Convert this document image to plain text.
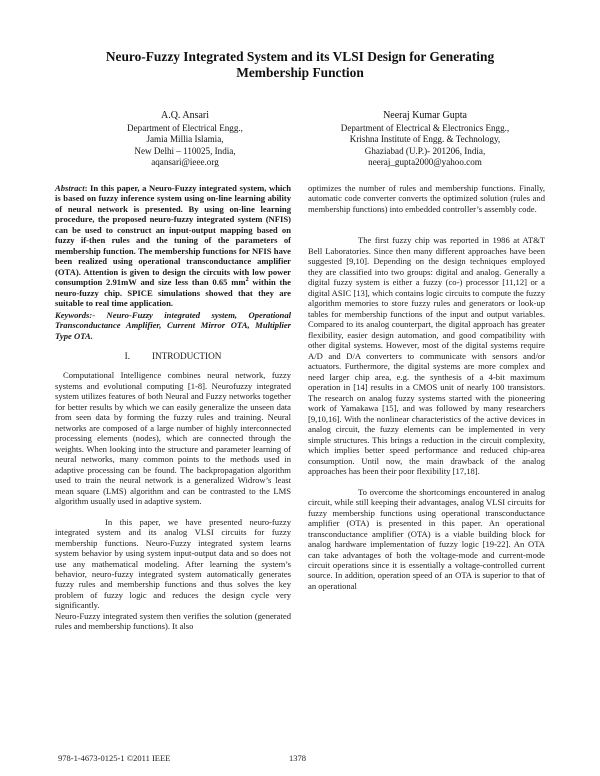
Neuro-Fuzzy Integrated System and its VLSI Design for Generating
Membership Function
A.Q. Ansari
Department of Electrical Engg.,
Jamia Millia Islamia,
New Delhi – 110025, India,
aqansari@ieee.org
Neeraj Kumar Gupta
Department of Electrical & Electronics Engg.,
Krishna Institute of Engg. & Technology,
Ghaziabad (U.P.)- 201206, India,
neeraj_gupta2000@yahoo.com

Abstract: In this paper, a Neuro-Fuzzy integrated system, which is based on fuzzy inference system using on-line learning ability of neural network is presented. By using on-line learning procedure, the proposed neuro-fuzzy integrated system (NFIS) can be used to construct an input-output mapping based on fuzzy if-then rules and the tuning of the parameters of membership function. The membership functions for NFIS have been realized using operational transconductance amplifier (OTA). Attention is given to design the circuits with low power consumption 2.91mW and size less than 0.65 $mm^2$ within the neuro-fuzzy chip. SPICE simulations showed that they are suitable to real time application.

Keywords:- Neuro-Fuzzy integrated system, Operational Transconductance Amplifier, Current Mirror OTA, Multiplier Type OTA.

I. INTRODUCTION

Computational Intelligence combines neural network, fuzzy systems and evolutional computing [1-8]. Neurofuzzy integrated system utilizes features of both Neural and Fuzzy networks together for better results by which we can easily generalize the unseen data from seen data by forming the fuzzy rules and training. Neural networks are composed of a large number of highly interconnected processing elements (nodes), which are connected through the weights. When looking into the structure and parameter learning of neural networks, many common points to the methods used in adaptive processing can be found. The backpropagation algorithm used to train the neural network is a generalized Widrow’s least mean square (LMS) algorithm and can be contrasted to the LMS algorithm usually used in adaptive system.

In this paper, we have presented neuro-fuzzy integrated system and its analog VLSI circuits for fuzzy membership functions. Neuro-Fuzzy integrated system learns system behavior by using system input-output data and so does not use any mathematical modeling. After learning the system’s behavior, neuro-fuzzy integrated system automatically generates fuzzy rules and membership functions and thus solves the key problem of fuzzy logic and reduces the design cycle very significantly.

Neuro-Fuzzy integrated system then verifies the solution (generated rules and membership functions). It also

optimizes the number of rules and membership functions. Finally, automatic code converter converts the optimized solution (rules and membership functions) into embedded controller’s assembly code.

The first fuzzy chip was reported in 1986 at AT&T Bell Laboratories. Since then many different approaches have been suggested [9,10]. Depending on the design techniques employed they are classified into two groups: digital and analog. Generally a digital fuzzy system is either a fuzzy (co-) processor [11,12] or a digital ASIC [13], which contains logic circuits to compute the fuzzy algorithm memories to store fuzzy rules and generators or look-up tables for membership functions of the input and output variables. Compared to its analog counterpart, the digital approach has greater flexibility, easier design automation, and good compatibility with other digital systems. However, most of the digital systems require A/D and D/A converters to communicate with sensors and/or actuators. Furthermore, the digital systems are more complex and need larger chip area, e.g. the synthesis of a 4-bit maximum operation in [14] results in a CMOS unit of nearly 100 transistors. The research on analog fuzzy systems started with the pioneering work of Yamakawa [15], and was followed by many researchers [9,10,16]. With the nonlinear characteristics of the active devices in analog circuit, the fuzzy elements can be implemented in very simple structures. This brings a reduction in the circuit complexity, which implies better speed performance and reduced chip-area consumption. Until now, the main drawback of the analog approaches has been their poor flexibility [17,18].

To overcome the shortcomings encountered in analog circuit, while still keeping their advantages, analog VLSI circuits for fuzzy membership functions using operational transconductance amplifier (OTA) is presented in this paper. An operational transconductance amplifier (OTA) is a viable building block for analog hardware implementation of fuzzy logic [19-22]. An OTA can take advantages of both the voltage-mode and current-mode circuit operations since it is essentially a voltage-controlled current source. In addition, operation speed of an OTA is superior to that of an operational

978-1-4673-0125-1 ©2011 IEEE	1378
